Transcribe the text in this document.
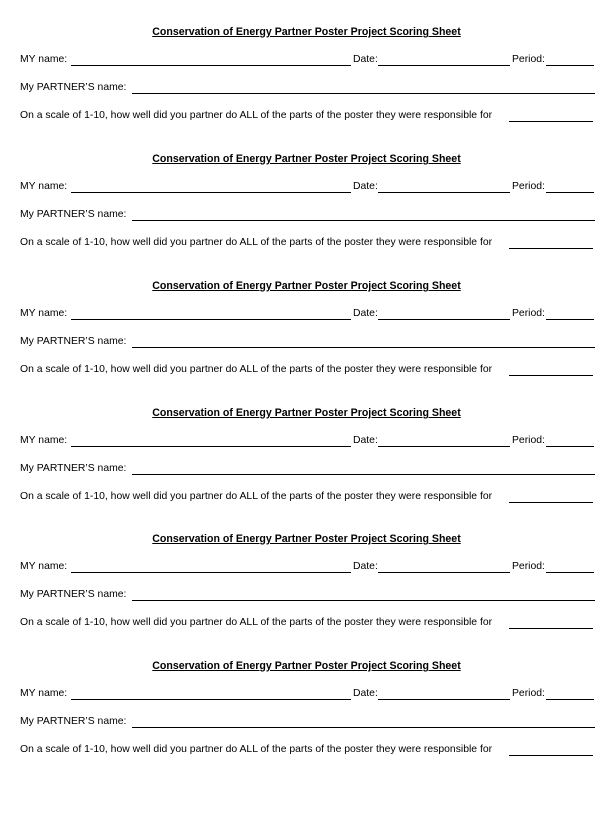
Conservation of Energy Partner Poster Project Scoring Sheet
MY name:	Date:	Period:
My PARTNER’S name:
On a scale of 1-10, how well did you partner do ALL of the parts of the poster they were responsible for
Conservation of Energy Partner Poster Project Scoring Sheet
MY name:	Date:	Period:
My PARTNER’S name:
On a scale of 1-10, how well did you partner do ALL of the parts of the poster they were responsible for
Conservation of Energy Partner Poster Project Scoring Sheet
MY name:	Date:	Period:
My PARTNER’S name:
On a scale of 1-10, how well did you partner do ALL of the parts of the poster they were responsible for
Conservation of Energy Partner Poster Project Scoring Sheet
MY name:	Date:	Period:
My PARTNER’S name:
On a scale of 1-10, how well did you partner do ALL of the parts of the poster they were responsible for
Conservation of Energy Partner Poster Project Scoring Sheet
MY name:	Date:	Period:
My PARTNER’S name:
On a scale of 1-10, how well did you partner do ALL of the parts of the poster they were responsible for
Conservation of Energy Partner Poster Project Scoring Sheet
MY name:	Date:	Period:
My PARTNER’S name:
On a scale of 1-10, how well did you partner do ALL of the parts of the poster they were responsible for
